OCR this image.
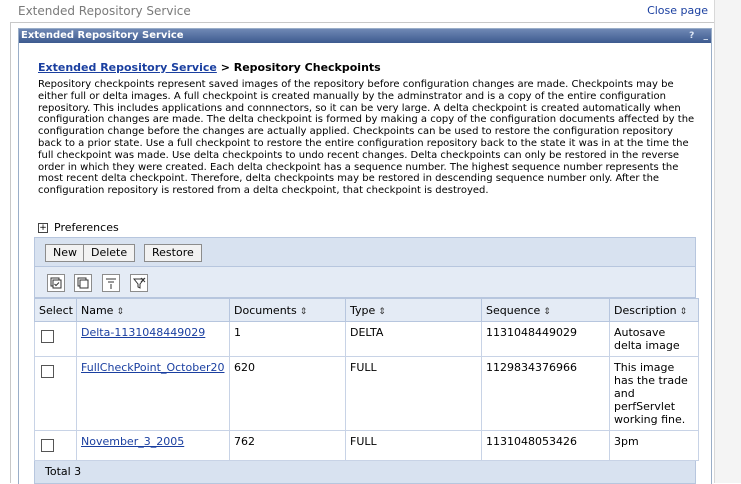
Extended Repository Service	Close page
Extended Repository Service	? _
Extended Repository Service > Repository Checkpoints
Repository checkpoints represent saved images of the repository before configuration changes are made. Checkpoints may be either full or delta images. A full checkpoint is created manually by the adminstrator and is a copy of the entire configuration repository. This includes applications and connnectors, so it can be very large. A delta checkpoint is created automatically when configuration changes are made. The delta checkpoint is formed by making a copy of the configuration documents affected by the configuration change before the changes are actually applied. Checkpoints can be used to restore the configuration repository back to a prior state. Use a full checkpoint to restore the entire configuration repository back to the state it was in at the time the full checkpoint was made. Use delta checkpoints to undo recent changes. Delta checkpoints can only be restored in the reverse order in which they were created. Each delta checkpoint has a sequence number. The highest sequence number represents the most recent delta checkpoint. Therefore, delta checkpoints may be restored in descending sequence number only. After the configuration repository is restored from a delta checkpoint, that checkpoint is destroyed.
+ Preferences
New	Delete	Restore
Select	Name ⇕	Documents ⇕	Type ⇕	Sequence ⇕	Description ⇕
	Delta-1131048449029	1	DELTA	1131048449029	Autosave delta image
	FullCheckPoint_October20	620	FULL	1129834376966	This image has the trade and perfServlet working fine.
	November_3_2005	762	FULL	1131048053426	3pm
Total 3
